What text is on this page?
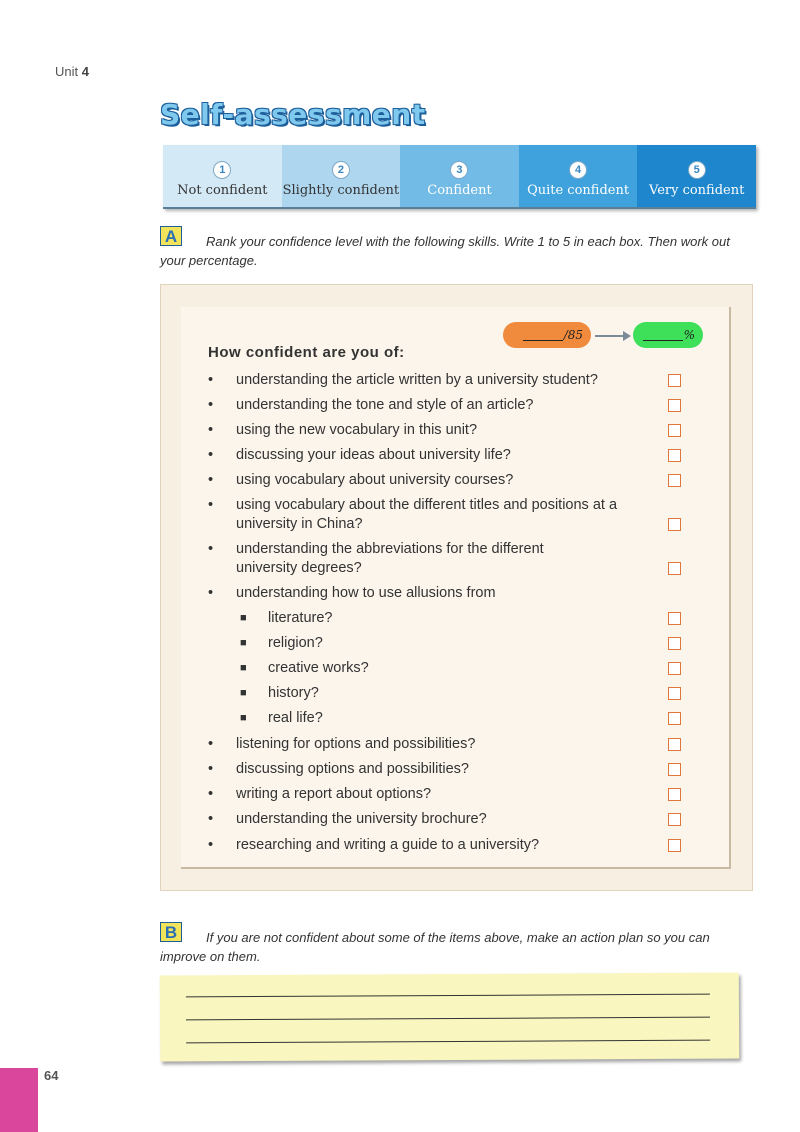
Unit 4
Self-assessment
1
Not confident
2
Slightly confident
3
Confident
4
Quite confident
5
Very confident
A	Rank your confidence level with the following skills. Write 1 to 5 in each box. Then work out your percentage.
/85	%
How confident are you of:
•	understanding the article written by a university student?
•	understanding the tone and style of an article?
•	using the new vocabulary in this unit?
•	discussing your ideas about university life?
•	using vocabulary about university courses?
•	using vocabulary about the different titles and positions at a university in China?
•	understanding the abbreviations for the different university degrees?
•	understanding how to use allusions from
■	literature?
■	religion?
■	creative works?
■	history?
■	real life?
•	listening for options and possibilities?
•	discussing options and possibilities?
•	writing a report about options?
•	understanding the university brochure?
•	researching and writing a guide to a university?
B	If you are not confident about some of the items above, make an action plan so you can improve on them.
64
